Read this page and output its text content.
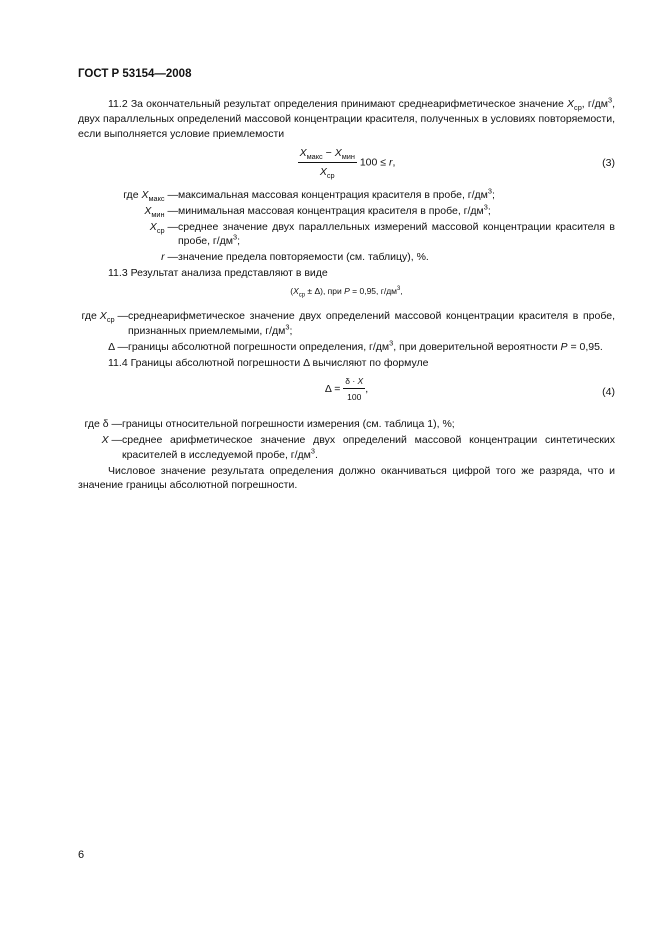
ГОСТ Р 53154—2008

11.2 За окончательный результат определения принимают среднеарифметическое значение $X_{ср}$, $г/дм^3$, двух параллельных определений массовой концентрации красителя, полученных в условиях повторяемости, если выполняется условие приемлемости

$\frac{X_{макс} - X_{мин}}{X_{ср}} 100 \le r$,	(3)
где $X_{макс}$ — максимальная массовая концентрация красителя в пробе, $г/дм^3$;
$X_{мин}$ — минимальная массовая концентрация красителя в пробе, $г/дм^3$;
$X_{ср}$ — среднее значение двух параллельных измерений массовой концентрации красителя в пробе, $г/дм^3$;
r — значение предела повторяемости (см. таблицу), %.

11.3 Результат анализа представляют в виде

$(X_{ср} \pm \Delta)$, при P = 0,95, $г/дм^3$,
где $X_{ср}$ — среднеарифметическое значение двух определений массовой концентрации красителя в пробе, признанных приемлемыми, $г/дм^3$;
Δ — границы абсолютной погрешности определения, $г/дм^3$, при доверительной вероятности P = 0,95.

11.4 Границы абсолютной погрешности Δ вычисляют по формуле

$\Delta = \frac{\delta \cdot X}{100}$ ,	(4)
где δ — границы относительной погрешности измерения (см. таблица 1), %;
X — среднее арифметическое значение двух определений массовой концентрации синтетических красителей в исследуемой пробе, $г/дм^3$.

Числовое значение результата определения должно оканчиваться цифрой того же разряда, что и значение границы абсолютной погрешности.

6
